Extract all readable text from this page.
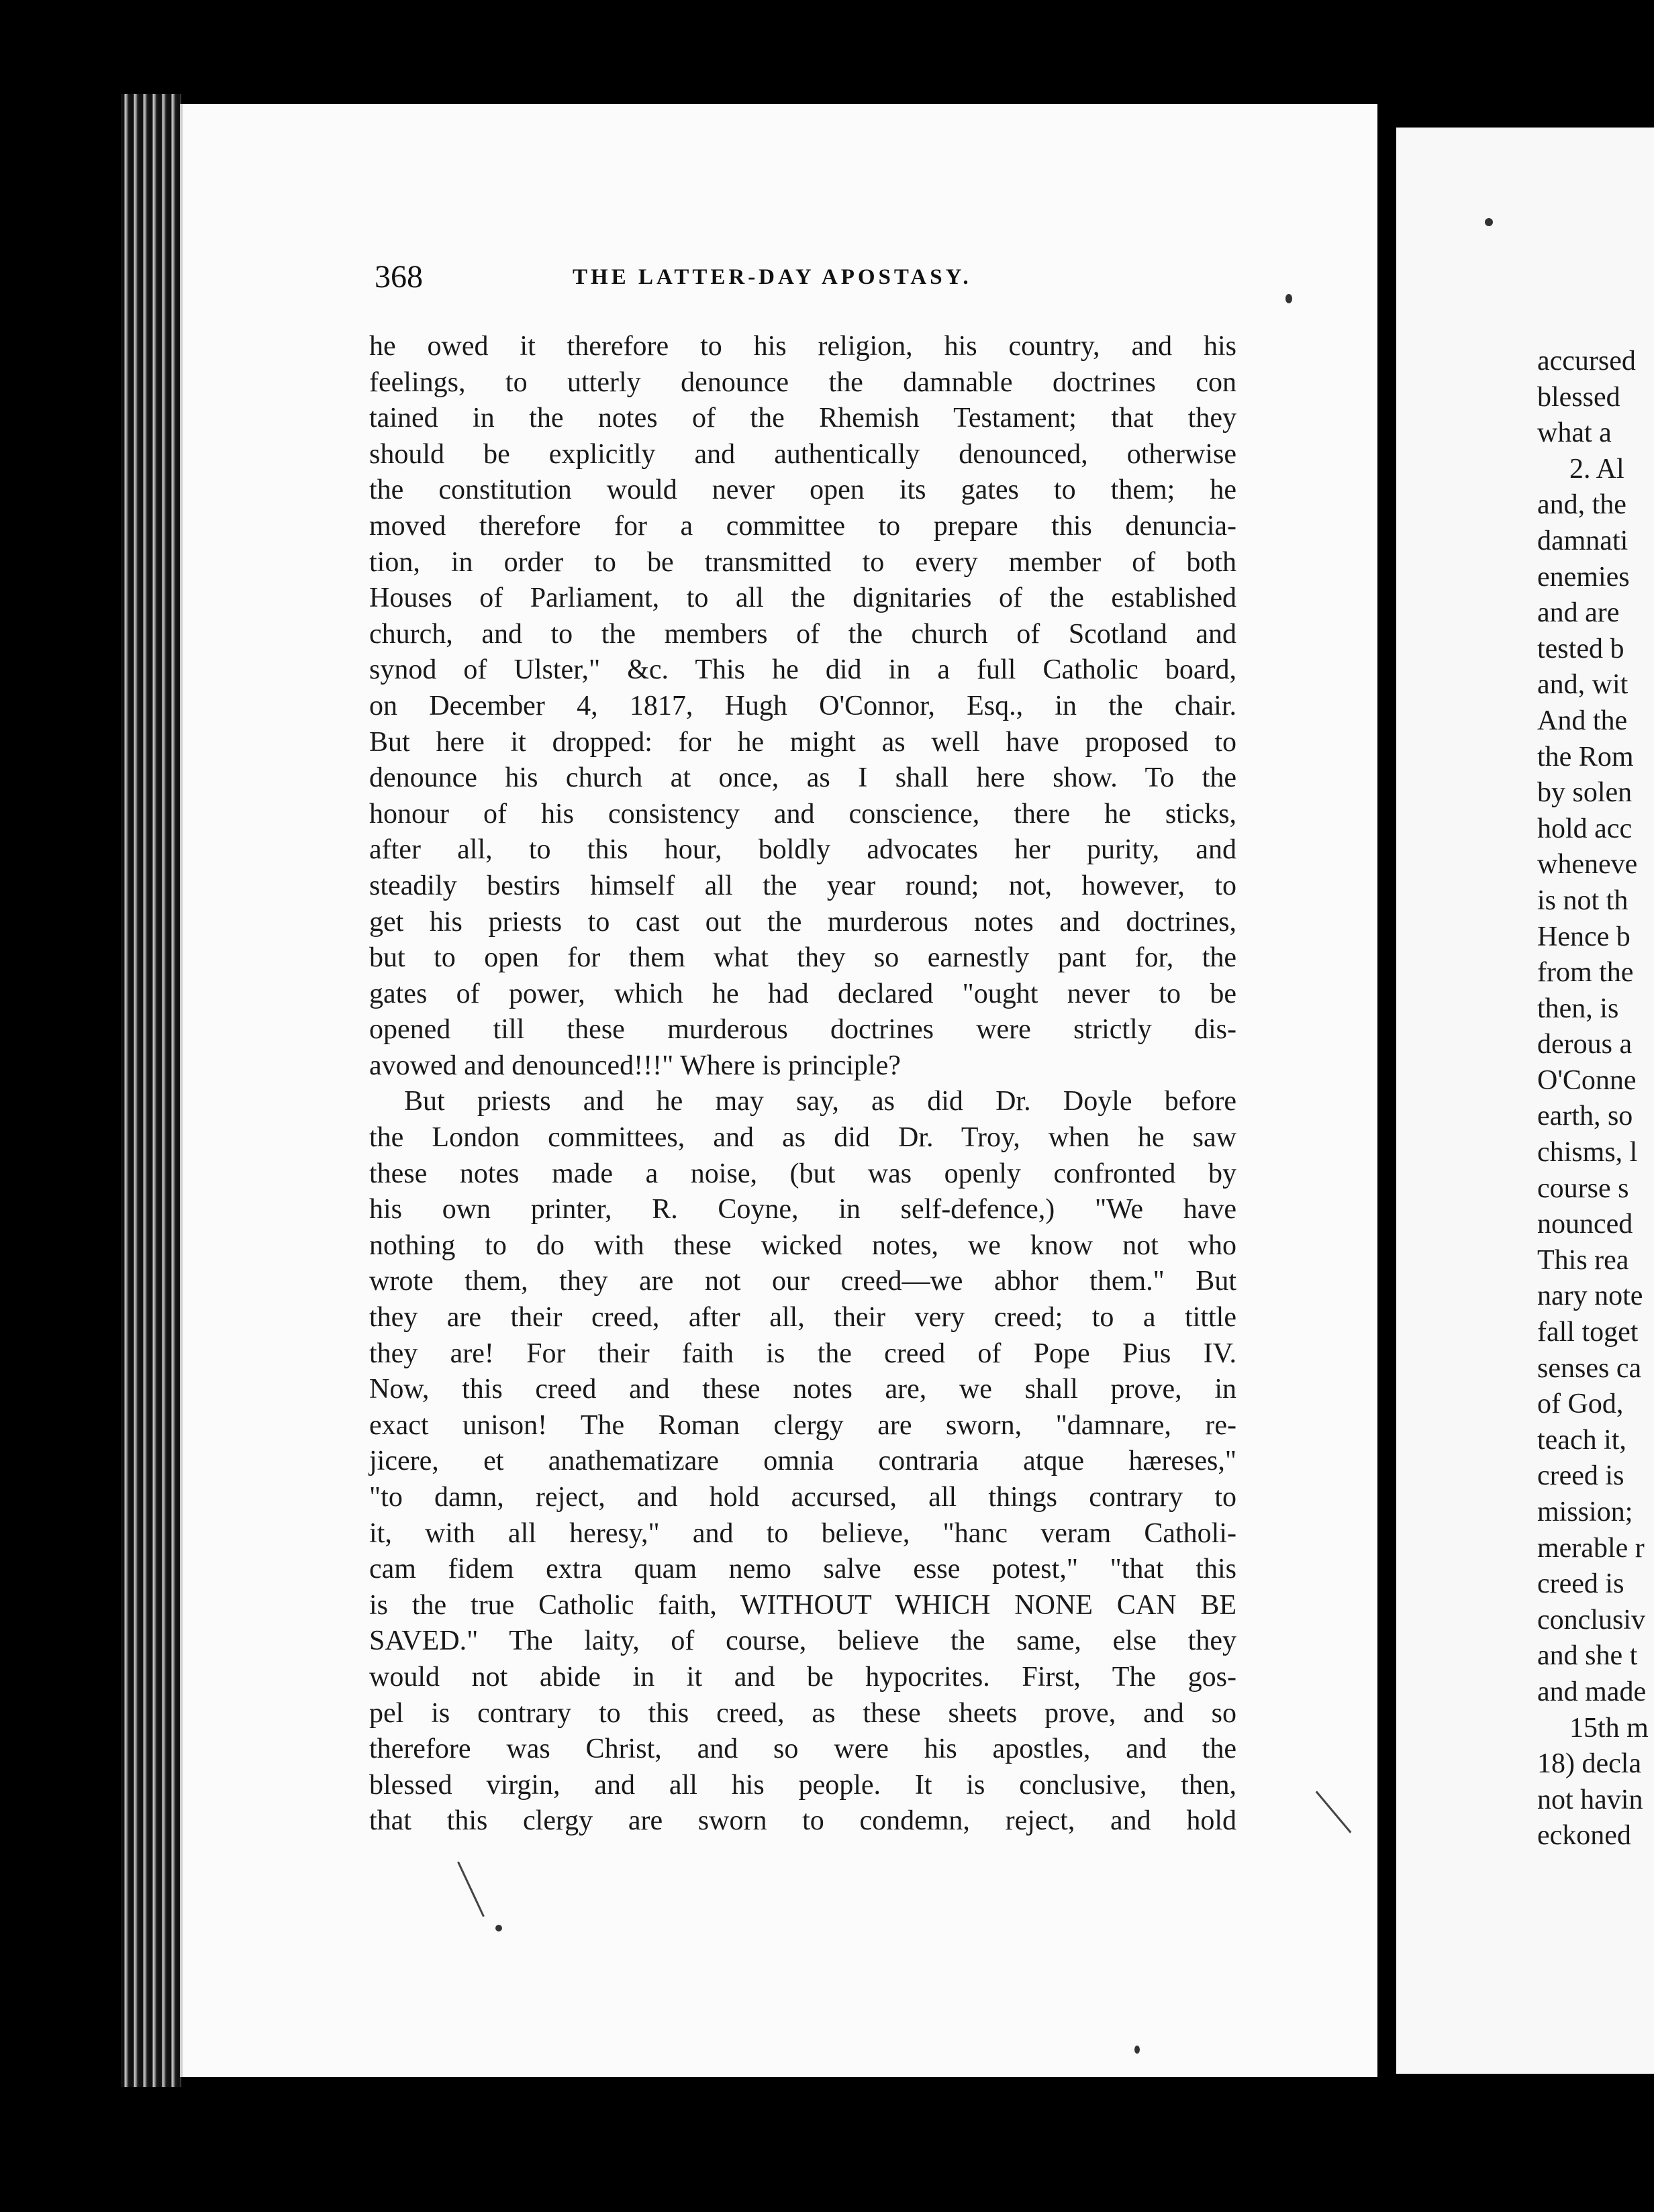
368	THE LATTER-DAY APOSTASY.
he owed it therefore to his religion, his country, and his
feelings, to utterly denounce the damnable doctrines con
tained in the notes of the Rhemish Testament; that they
should be explicitly and authentically denounced, otherwise
the constitution would never open its gates to them; he
moved therefore for a committee to prepare this denuncia-
tion, in order to be transmitted to every member of both
Houses of Parliament, to all the dignitaries of the established
church, and to the members of the church of Scotland and
synod of Ulster," &c. This he did in a full Catholic board,
on December 4, 1817, Hugh O'Connor, Esq., in the chair.
But here it dropped: for he might as well have proposed to
denounce his church at once, as I shall here show. To the
honour of his consistency and conscience, there he sticks,
after all, to this hour, boldly advocates her purity, and
steadily bestirs himself all the year round; not, however, to
get his priests to cast out the murderous notes and doctrines,
but to open for them what they so earnestly pant for, the
gates of power, which he had declared "ought never to be
opened till these murderous doctrines were strictly dis-
avowed and denounced!!!" Where is principle?
But priests and he may say, as did Dr. Doyle before
the London committees, and as did Dr. Troy, when he saw
these notes made a noise, (but was openly confronted by
his own printer, R. Coyne, in self-defence,) "We have
nothing to do with these wicked notes, we know not who
wrote them, they are not our creed—we abhor them." But
they are their creed, after all, their very creed; to a tittle
they are! For their faith is the creed of Pope Pius IV.
Now, this creed and these notes are, we shall prove, in
exact unison! The Roman clergy are sworn, "damnare, re-
jicere, et anathematizare omnia contraria atque hæreses,"
"to damn, reject, and hold accursed, all things contrary to
it, with all heresy," and to believe, "hanc veram Catholi-
cam fidem extra quam nemo salve esse potest," "that this
is the true Catholic faith, WITHOUT WHICH NONE CAN BE
SAVED." The laity, of course, believe the same, else they
would not abide in it and be hypocrites. First, The gos-
pel is contrary to this creed, as these sheets prove, and so
therefore was Christ, and so were his apostles, and the
blessed virgin, and all his people. It is conclusive, then,
that this clergy are sworn to condemn, reject, and hold
accursed
blessed
what a
2. Al
and, the
damnati
enemies
and are
tested b
and, wit
And the
the Rom
by solen
hold acc
wheneve
is not th
Hence b
from the
then, is
derous a
O'Conne
earth, so
chisms, l
course s
nounced
This rea
nary note
fall toget
senses ca
of God,
teach it,
creed is
mission;
merable r
creed is
conclusiv
and she t
and made
15th m
18) decla
not havin
eckoned
